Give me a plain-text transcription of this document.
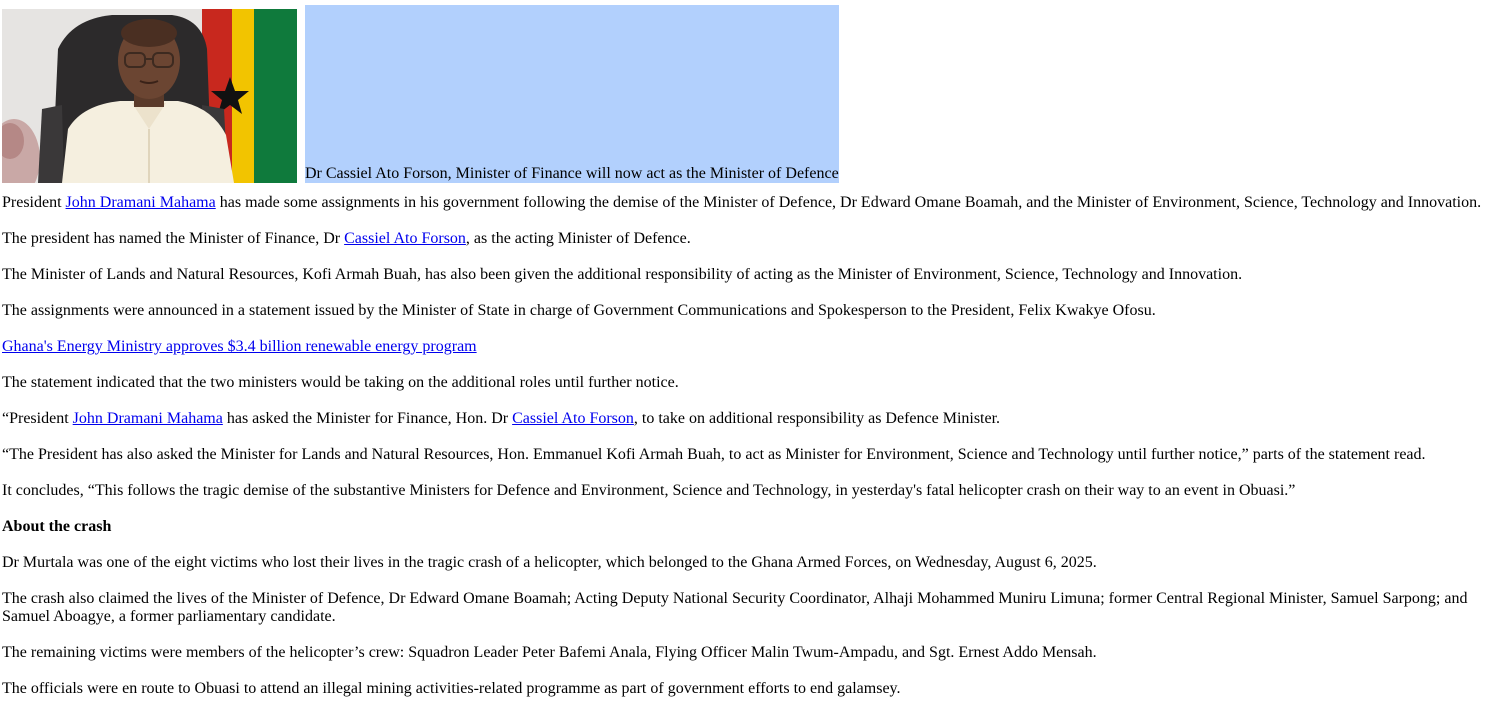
Dr Cassiel Ato Forson, Minister of Finance will now act as the Minister of Defence

President John Dramani Mahama has made some assignments in his government following the demise of the Minister of Defence, Dr Edward Omane Boamah, and the Minister of Environment, Science, Technology and Innovation.

The president has named the Minister of Finance, Dr Cassiel Ato Forson, as the acting Minister of Defence.

The Minister of Lands and Natural Resources, Kofi Armah Buah, has also been given the additional responsibility of acting as the Minister of Environment, Science, Technology and Innovation.

The assignments were announced in a statement issued by the Minister of State in charge of Government Communications and Spokesperson to the President, Felix Kwakye Ofosu.

Ghana's Energy Ministry approves $3.4 billion renewable energy program

The statement indicated that the two ministers would be taking on the additional roles until further notice.

“President John Dramani Mahama has asked the Minister for Finance, Hon. Dr Cassiel Ato Forson, to take on additional responsibility as Defence Minister.

“The President has also asked the Minister for Lands and Natural Resources, Hon. Emmanuel Kofi Armah Buah, to act as Minister for Environment, Science and Technology until further notice,” parts of the statement read.

It concludes, “This follows the tragic demise of the substantive Ministers for Defence and Environment, Science and Technology, in yesterday's fatal helicopter crash on their way to an event in Obuasi.”

About the crash

Dr Murtala was one of the eight victims who lost their lives in the tragic crash of a helicopter, which belonged to the Ghana Armed Forces, on Wednesday, August 6, 2025.

The crash also claimed the lives of the Minister of Defence, Dr Edward Omane Boamah; Acting Deputy National Security Coordinator, Alhaji Mohammed Muniru Limuna; former Central Regional Minister, Samuel Sarpong; and Samuel Aboagye, a former parliamentary candidate.

The remaining victims were members of the helicopter’s crew: Squadron Leader Peter Bafemi Anala, Flying Officer Malin Twum-Ampadu, and Sgt. Ernest Addo Mensah.

The officials were en route to Obuasi to attend an illegal mining activities-related programme as part of government efforts to end galamsey.
